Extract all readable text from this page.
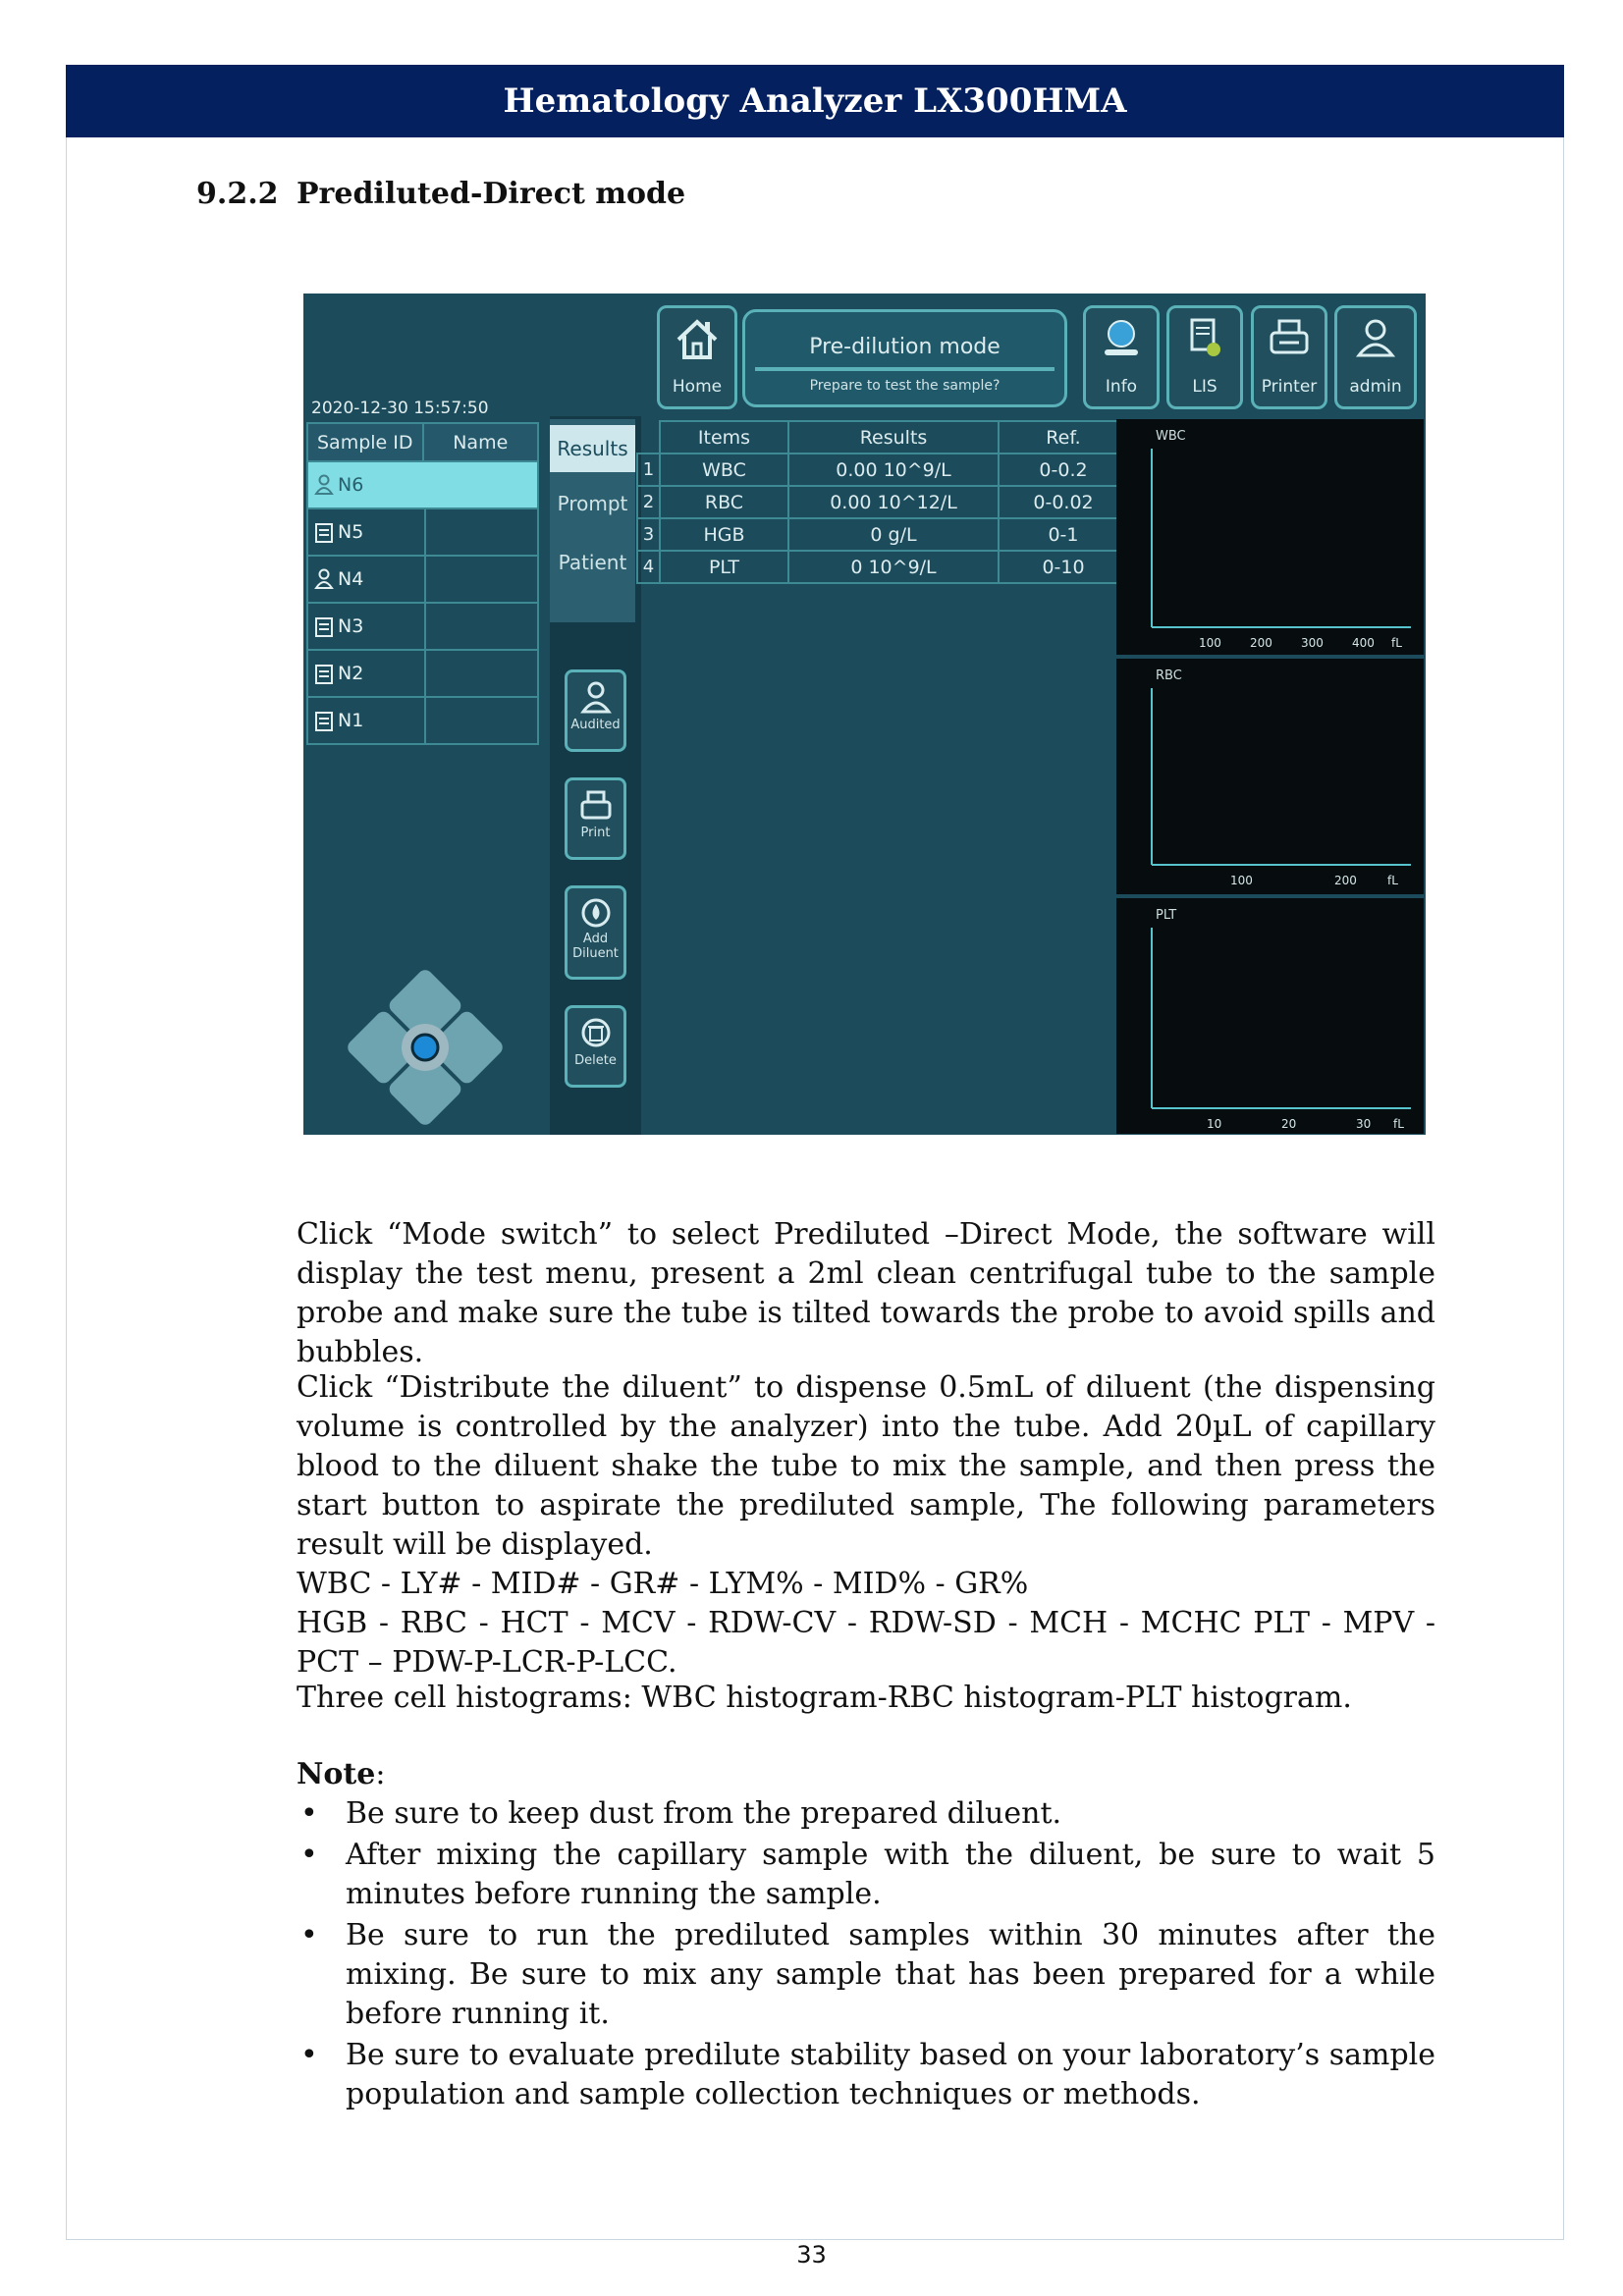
Hematology Analyzer LX300HMA
9.2.2 Prediluted-Direct mode
2020-12-30 15:57:50
Home
Pre-dilution mode
Prepare to test the sample?	Info	LIS	Printer	admin
Sample ID	Name
N6
N5
N4
N3
N2
N1
Results
Prompt
Patient
Audited
Print
Add
Diluent
Delete
Items	Results	Ref.
1	WBC	0.00 10^9/L	0-0.2
2	RBC	0.00 10^12/L	0-0.02
3	HGB	0 g/L	0-1
4	PLT	0 10^9/L	0-10
WBC
100 200 300 400 fL
RBC
100	200	fL
PLT
10	20	30 fL
Click “Mode switch” to select Prediluted –Direct Mode, the software will display the test menu, present a 2ml clean centrifugal tube to the sample probe and make sure the tube is tilted towards the probe to avoid spills and bubbles.
Click “Distribute the diluent” to dispense 0.5mL of diluent (the dispensing volume is controlled by the analyzer) into the tube. Add 20µL of capillary blood to the diluent shake the tube to mix the sample, and then press the start button to aspirate the prediluted sample, The following parameters result will be displayed.
WBC - LY# - MID# - GR# - LYM% - MID% - GR%
HGB - RBC - HCT - MCV - RDW-CV - RDW-SD - MCH - MCHC PLT - MPV - PCT – PDW-P-LCR-P-LCC.
Three cell histograms: WBC histogram-RBC histogram-PLT histogram.
Note:
• Be sure to keep dust from the prepared diluent.
• After mixing the capillary sample with the diluent, be sure to wait 5 minutes before running the sample.
• Be sure to run the prediluted samples within 30 minutes after the mixing. Be sure to mix any sample that has been prepared for a while before running it.
• Be sure to evaluate predilute stability based on your laboratory’s sample population and sample collection techniques or methods.
33
